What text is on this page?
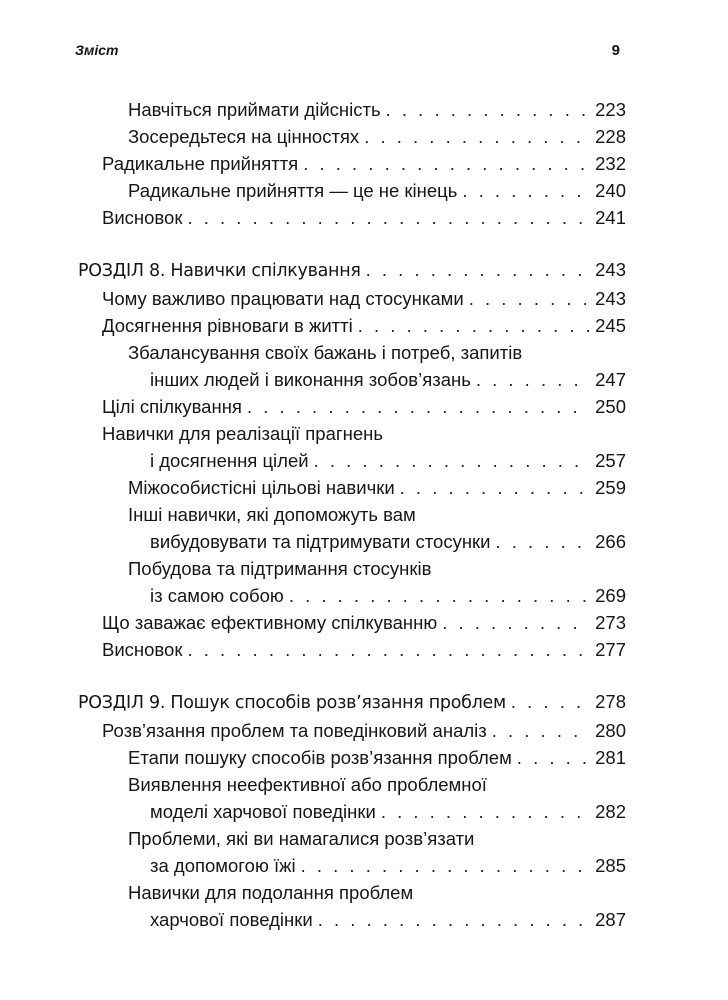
Зміст	9
Навчіться приймати дійсність . . .	223
Зосередьтеся на цінностях . . .	228
Радикальне прийняття . . .	232
Радикальне прийняття — це не кінець . . .	240
Висновок . . .	241
РОЗДІЛ 8. Навички спілкування . . .	243
Чому важливо працювати над стосунками . . .	243
Досягнення рівноваги в житті . . .	245
Збалансування своїх бажань і потреб, запитів
інших людей і виконання зобов’язань . . .	247
Цілі спілкування . . .	250
Навички для реалізації прагнень
і досягнення цілей . . .	257
Міжособистісні цільові навички . . .	259
Інші навички, які допоможуть вам
вибудовувати та підтримувати стосунки . . .	266
Побудова та підтримання стосунків
із самою собою . . .	269
Що заважає ефективному спілкуванню . . .	273
Висновок . . .	277
РОЗДІЛ 9. Пошук способів розв’язання проблем . . .	278
Розв’язання проблем та поведінковий аналіз . . .	280
Етапи пошуку способів розв’язання проблем . . .	281
Виявлення неефективної або проблемної
моделі харчової поведінки . . .	282
Проблеми, які ви намагалися розв’язати
за допомогою їжі . . .	285
Навички для подолання проблем
харчової поведінки . . .	287
